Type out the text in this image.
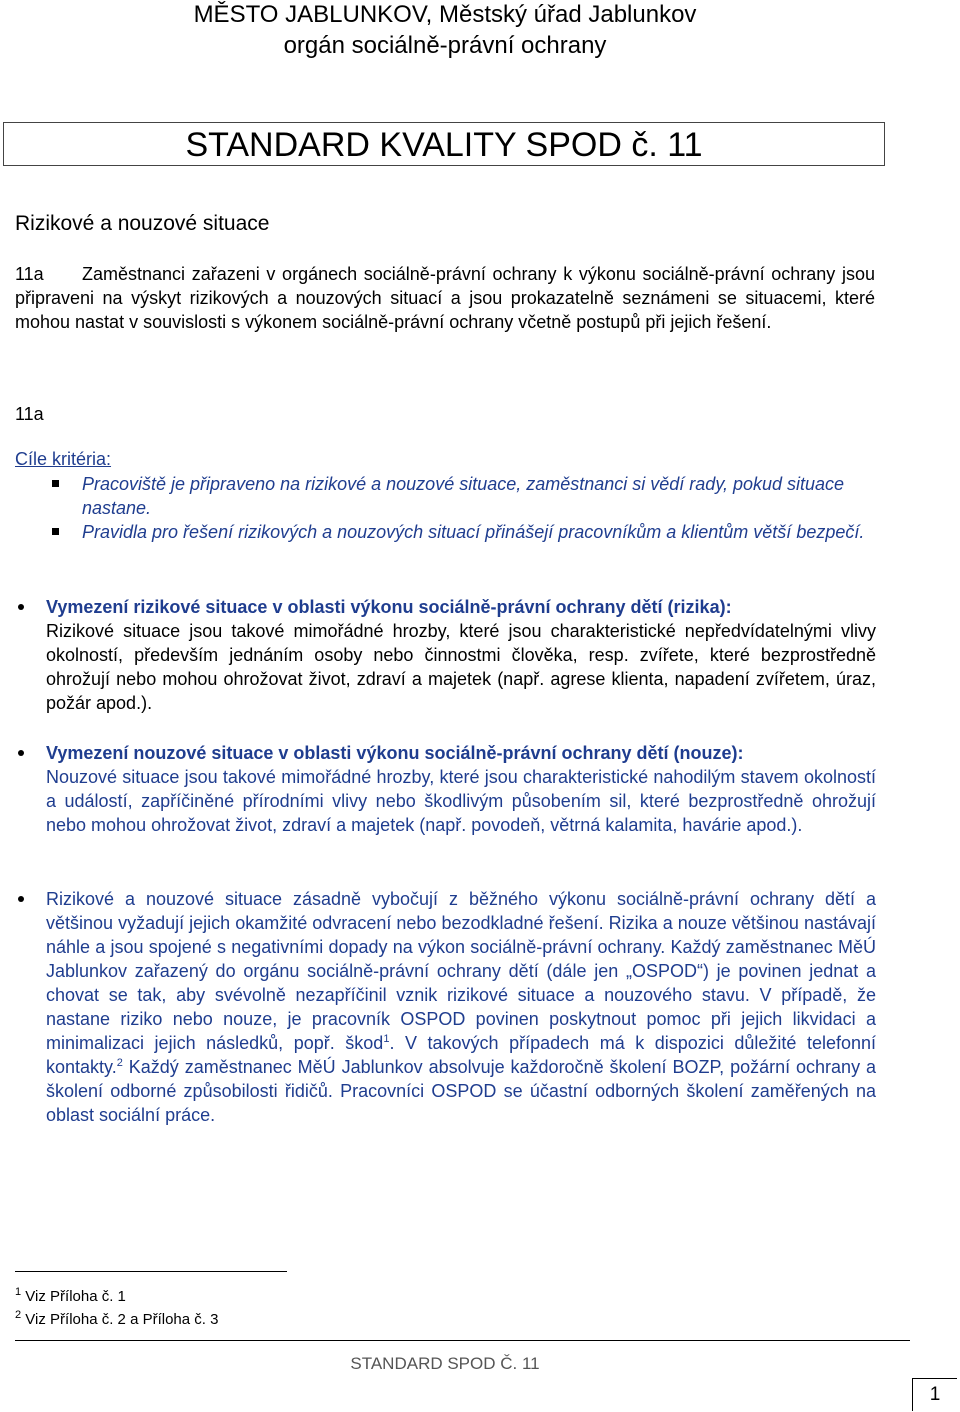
MĚSTO JABLUNKOV, Městský úřad Jablunkov
orgán sociálně-právní ochrany
STANDARD KVALITY SPOD č. 11
Rizikové a nouzové situace
11a Zaměstnanci zařazeni v orgánech sociálně-právní ochrany k výkonu sociálně-právní ochrany jsou připraveni na výskyt rizikových a nouzových situací a jsou prokazatelně seznámeni se situacemi, které mohou nastat v souvislosti s výkonem sociálně-právní ochrany včetně postupů při jejich řešení.
11a
Cíle kritéria:
Pracoviště je připraveno na rizikové a nouzové situace, zaměstnanci si vědí rady, pokud situace nastane.
Pravidla pro řešení rizikových a nouzových situací přinášejí pracovníkům a klientům větší bezpečí.
Vymezení rizikové situace v oblasti výkonu sociálně-právní ochrany dětí (rizika):
Rizikové situace jsou takové mimořádné hrozby, které jsou charakteristické nepředvídatelnými vlivy okolností, především jednáním osoby nebo činnostmi člověka, resp. zvířete, které bezprostředně ohrožují nebo mohou ohrožovat život, zdraví a majetek (např. agrese klienta, napadení zvířetem, úraz, požár apod.).
Vymezení nouzové situace v oblasti výkonu sociálně-právní ochrany dětí (nouze):
Nouzové situace jsou takové mimořádné hrozby, které jsou charakteristické nahodilým stavem okolností a událostí, zapříčiněné přírodními vlivy nebo škodlivým působením sil, které bezprostředně ohrožují nebo mohou ohrožovat život, zdraví a majetek (např. povodeň, větrná kalamita, havárie apod.).
Rizikové a nouzové situace zásadně vybočují z běžného výkonu sociálně-právní ochrany dětí a většinou vyžadují jejich okamžité odvracení nebo bezodkladné řešení. Rizika a nouze většinou nastávají náhle a jsou spojené s negativními dopady na výkon sociálně-právní ochrany. Každý zaměstnanec MěÚ Jablunkov zařazený do orgánu sociálně-právní ochrany dětí (dále jen „OSPOD“) je povinen jednat a chovat se tak, aby svévolně nezapříčinil vznik rizikové situace a nouzového stavu. V případě, že nastane riziko nebo nouze, je pracovník OSPOD povinen poskytnout pomoc při jejich likvidaci a minimalizaci jejich následků, popř. škod$^1$. V takových případech má k dispozici důležité telefonní kontakty.$^2$ Každý zaměstnanec MěÚ Jablunkov absolvuje každoročně školení BOZP, požární ochrany a školení odborné způsobilosti řidičů. Pracovníci OSPOD se účastní odborných školení zaměřených na oblast sociální práce.
$^1$ Viz Příloha č. 1
$^2$ Viz Příloha č. 2 a Příloha č. 3
STANDARD SPOD Č. 11
1
